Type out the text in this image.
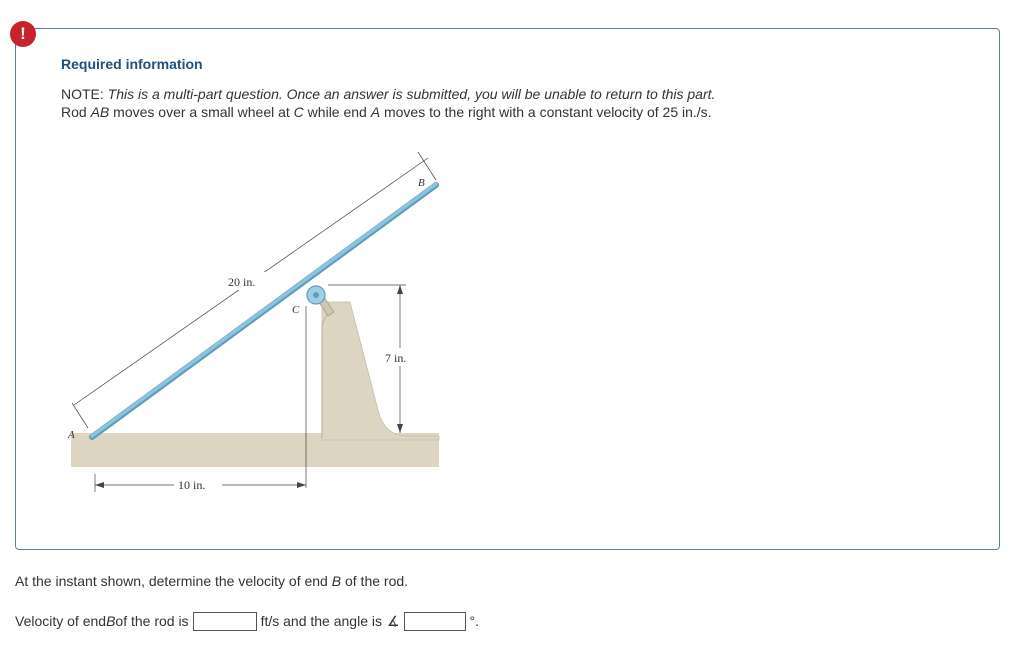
!
Required information
NOTE: This is a multi-part question. Once an answer is submitted, you will be unable to return to this part.
Rod AB moves over a small wheel at C while end A moves to the right with a constant velocity of 25 in./s.
20 in.
7 in.
10 in.
A
B
C
At the instant shown, determine the velocity of end B of the rod.
Velocity of end B of the rod is	ft/s and the angle is ∡	°.
